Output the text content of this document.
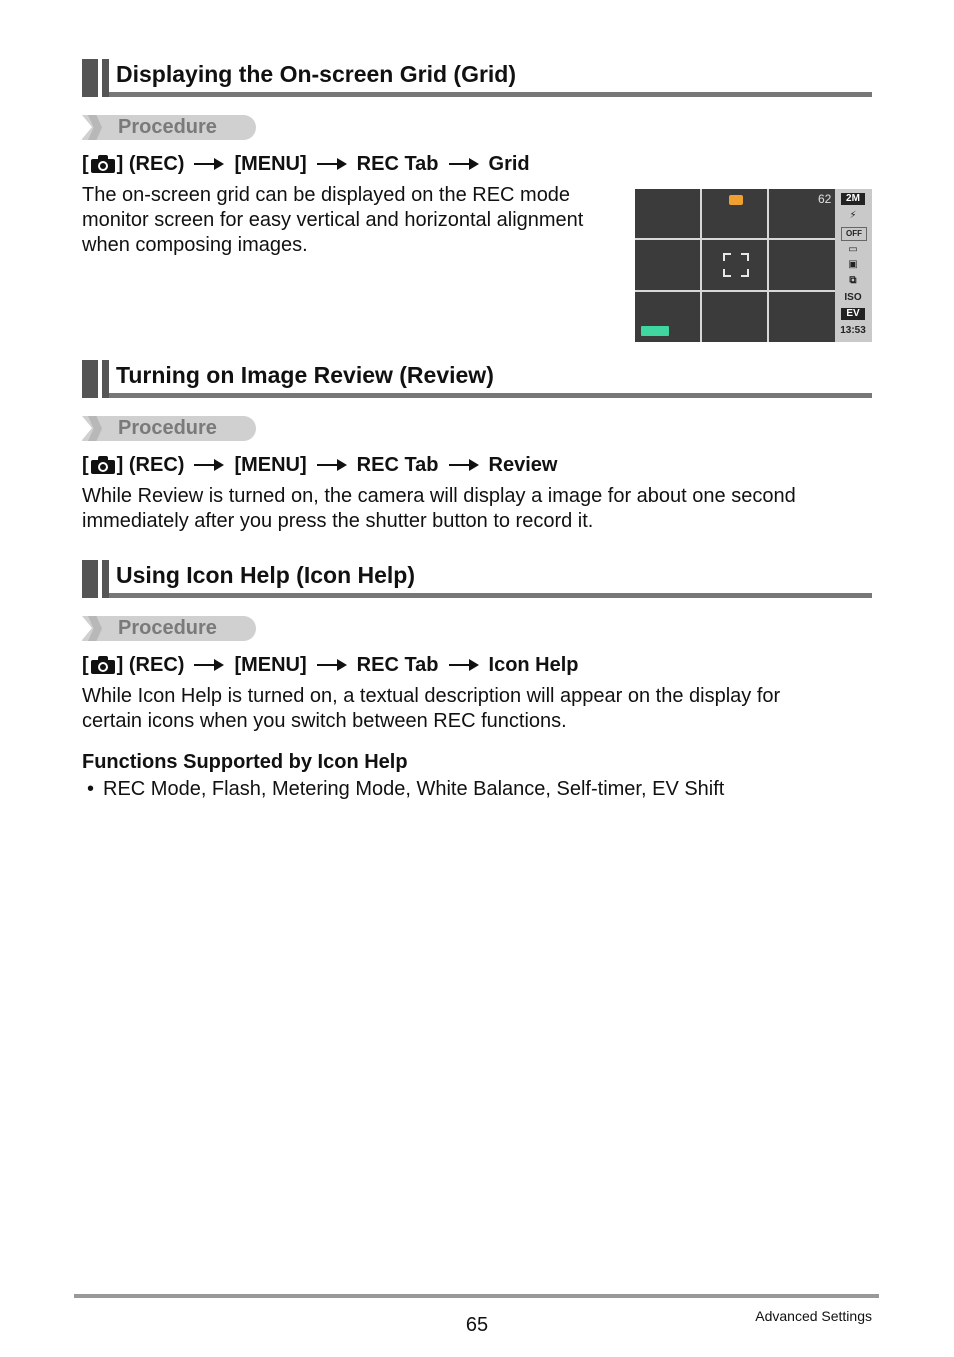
Displaying the On-screen Grid (Grid)
Procedure
[ ] (REC)	[MENU]	REC Tab	Grid
The on-screen grid can be displayed on the REC mode monitor screen for easy vertical and horizontal alignment when composing images.
62	2M
⚡
OFF
▭
▣
⧉
ISO
EV
13:53
Turning on Image Review (Review)
Procedure
[ ] (REC)	[MENU]	REC Tab	Review
While Review is turned on, the camera will display a image for about one second immediately after you press the shutter button to record it.
Using Icon Help (Icon Help)
Procedure
[ ] (REC)	[MENU]	REC Tab	Icon Help
While Icon Help is turned on, a textual description will appear on the display for certain icons when you switch between REC functions.
Functions Supported by Icon Help
• REC Mode, Flash, Metering Mode, White Balance, Self-timer, EV Shift
65	Advanced Settings
